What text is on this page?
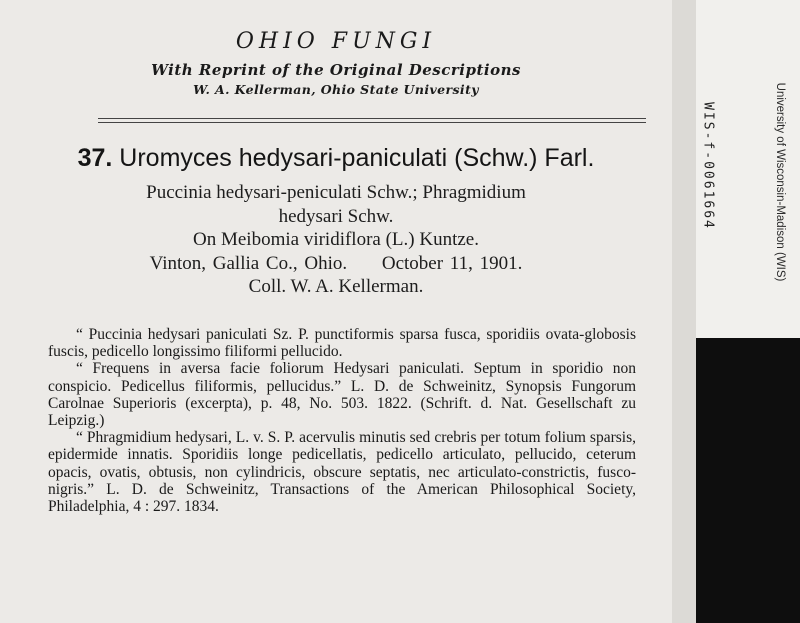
OHIO FUNGI
With Reprint of the Original Descriptions
W. A. Kellerman, Ohio State University
37. Uromyces hedysari-paniculati (Schw.) Farl.
Puccinia hedysari-peniculati Schw.; Phragmidium
hedysari Schw.
On Meibomia viridiflora (L.) Kuntze.
Vinton, Gallia Co., Ohio. October 11, 1901.
Coll. W. A. Kellerman.

“ Puccinia hedysari paniculati Sz. P. punctiformis sparsa fusca, sporidiis ovata-globosis fuscis, pedicello longissimo filiformi pellucido.

“ Frequens in aversa facie foliorum Hedysari paniculati. Septum in sporidio non conspicio. Pedicellus filiformis, pellucidus.” L. D. de Schweinitz, Synopsis Fungorum Carolnae Superioris (excerpta), p. 48, No. 503. 1822. (Schrift. d. Nat. Gesellschaft zu Leipzig.)

“ Phragmidium hedysari, L. v. S. P. acervulis minutis sed crebris per totum folium sparsis, epidermide innatis. Sporidiis longe pedicellatis, pedicello articulato, pellucido, ceterum opacis, ovatis, obtusis, non cylindricis, obscure septatis, nec articulato-constrictis, fusco-nigris.” L. D. de Schweinitz, Transactions of the American Philosophical Society, Philadelphia, 4 : 297. 1834.

University of Wisconsin-Madison (WIS)
WIS-f-0061664
